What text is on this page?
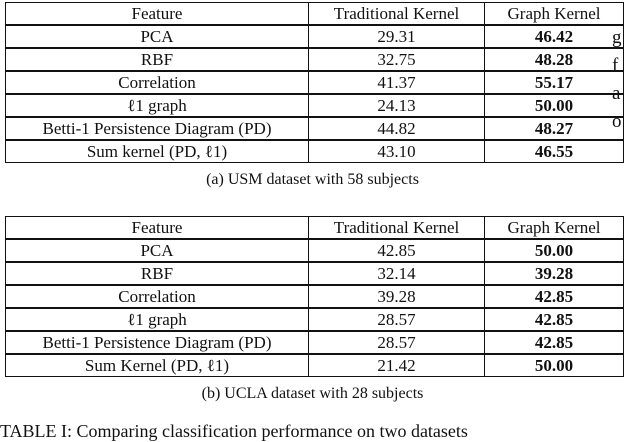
Feature	Traditional Kernel	Graph Kernel
PCA	29.31	46.42
RBF	32.75	48.28
Correlation	41.37	55.17
ℓ1 graph	24.13	50.00
Betti-1 Persistence Diagram (PD)	44.82	48.27
Sum kernel (PD, ℓ1)	43.10	46.55
(a) USM dataset with 58 subjects
Feature	Traditional Kernel	Graph Kernel
PCA	42.85	50.00
RBF	32.14	39.28
Correlation	39.28	42.85
ℓ1 graph	28.57	42.85
Betti-1 Persistence Diagram (PD)	28.57	42.85
Sum Kernel (PD, ℓ1)	21.42	50.00
(b) UCLA dataset with 28 subjects
g
f
a
o
TABLE I: Comparing classification performance on two datasets
